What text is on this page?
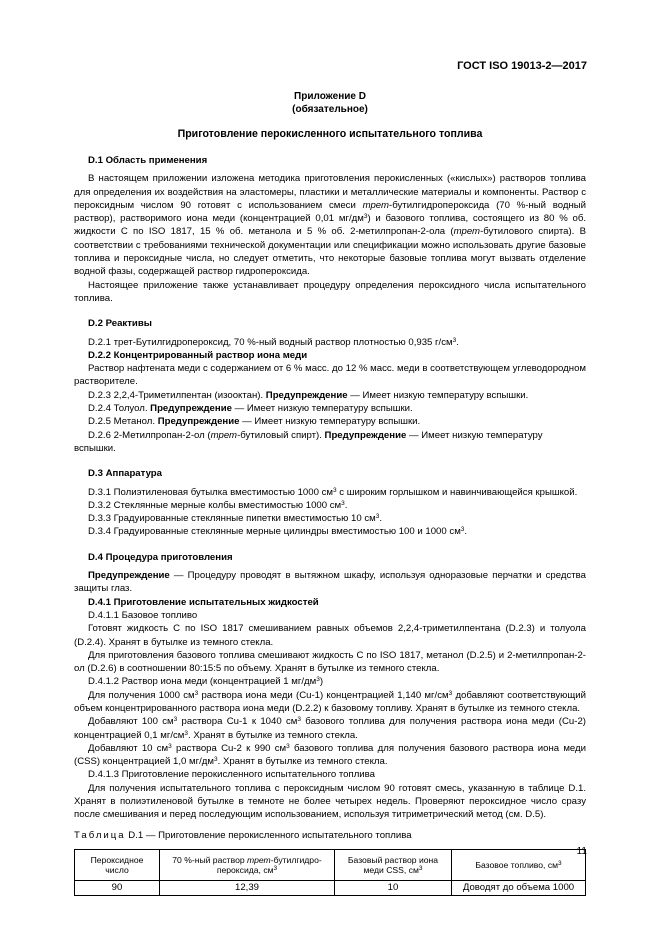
ГОСТ ISO 19013-2—2017
Приложение D
(обязательное)
Приготовление перокисленного испытательного топлива
D.1 Область применения

В настоящем приложении изложена методика приготовления перокисленных («кислых») растворов топлива для определения их воздействия на эластомеры, пластики и металлические материалы и компоненты. Раствор с пероксидным числом 90 готовят с использованием смеси трет-бутилгидропероксида (70 %-ный водный раствор), растворимого иона меди (концентрацией 0,01 $мг/дм^3$) и базового топлива, состоящего из 80 % об. жидкости С по ISO 1817, 15 % об. метанола и 5 % об. 2-метилпропан-2-ола (трет-бутилового спирта). В соответствии с требованиями технической документации или спецификации можно использовать другие базовые топлива и пероксидные числа, но следует отметить, что некоторые базовые топлива могут вызвать отделение водной фазы, содержащей раствор гидропероксида.

Настоящее приложение также устанавливает процедуру определения пероксидного числа испытательного топлива.

D.2 Реактивы

D.2.1 трет-Бутилгидропероксид, 70 %-ный водный раствор плотностью 0,935 $г/см^3$.

D.2.2 Концентрированный раствор иона меди

Раствор нафтената меди с содержанием от 6 % масс. до 12 % масс. меди в соответствующем углеводородном растворителе.

D.2.3 2,2,4-Триметилпентан (изооктан). Предупреждение — Имеет низкую температуру вспышки.

D.2.4 Толуол. Предупреждение — Имеет низкую температуру вспышки.

D.2.5 Метанол. Предупреждение — Имеет низкую температуру вспышки.

D.2.6 2-Метилпропан-2-ол (трет-бутиловый спирт). Предупреждение — Имеет низкую температуру вспышки.

D.3 Аппаратура

D.3.1 Полиэтиленовая бутылка вместимостью 1000 $см^3$ с широким горлышком и навинчивающейся крышкой.

D.3.2 Стеклянные мерные колбы вместимостью 1000 $см^3$.

D.3.3 Градуированные стеклянные пипетки вместимостью 10 $см^3$.

D.3.4 Градуированные стеклянные мерные цилиндры вместимостью 100 и 1000 $см^3$.

D.4 Процедура приготовления

Предупреждение — Процедуру проводят в вытяжном шкафу, используя одноразовые перчатки и средства защиты глаз.

D.4.1 Приготовление испытательных жидкостей

D.4.1.1 Базовое топливо

Готовят жидкость С по ISO 1817 смешиванием равных объемов 2,2,4-триметилпентана (D.2.3) и толуола (D.2.4). Хранят в бутылке из темного стекла.

Для приготовления базового топлива смешивают жидкость С по ISO 1817, метанол (D.2.5) и 2-метилпропан-2-ол (D.2.6) в соотношении 80:15:5 по объему. Хранят в бутылке из темного стекла.

D.4.1.2 Раствор иона меди (концентрацией 1 $мг/дм^3$)

Для получения 1000 $см^3$ раствора иона меди (Cu-1) концентрацией 1,140 $мг/см^3$ добавляют соответствующий объем концентрированного раствора иона меди (D.2.2) к базовому топливу. Хранят в бутылке из темного стекла.

Добавляют 100 $см^3$ раствора Cu-1 к 1040 $см^3$ базового топлива для получения раствора иона меди (Cu-2) концентрацией 0,1 $мг/см^3$. Хранят в бутылке из темного стекла.

Добавляют 10 $см^3$ раствора Cu-2 к 990 $см^3$ базового топлива для получения базового раствора иона меди (CSS) концентрацией 1,0 $мг/дм^3$. Хранят в бутылке из темного стекла.

D.4.1.3 Приготовление перокисленного испытательного топлива

Для получения испытательного топлива с пероксидным числом 90 готовят смесь, указанную в таблице D.1. Хранят в полиэтиленовой бутылке в темноте не более четырех недель. Проверяют пероксидное число сразу после смешивания и перед последующим использованием, используя титриметрический метод (см. D.5).

Таблица D.1 — Приготовление перокисленного испытательного топлива

Пероксидное число	70 %-ный раствор трет-бутилгидро-пероксида, $см^3$	Базовый раствор иона меди CSS, $см^3$	Базовое топливо, $см^3$
90	12,39	10	Доводят до объема 1000
11
